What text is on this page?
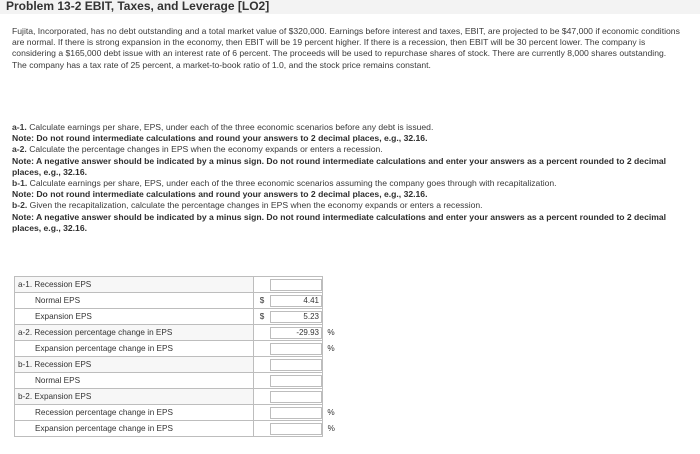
Problem 13-2 EBIT, Taxes, and Leverage [LO2]
Fujita, Incorporated, has no debt outstanding and a total market value of $320,000. Earnings before interest and taxes, EBIT, are projected to be $47,000 if economic conditions are normal. If there is strong expansion in the economy, then EBIT will be 19 percent higher. If there is a recession, then EBIT will be 30 percent lower. The company is considering a $165,000 debt issue with an interest rate of 6 percent. The proceeds will be used to repurchase shares of stock. There are currently 8,000 shares outstanding. The company has a tax rate of 25 percent, a market-to-book ratio of 1.0, and the stock price remains constant.

a-1. Calculate earnings per share, EPS, under each of the three economic scenarios before any debt is issued.

Note: Do not round intermediate calculations and round your answers to 2 decimal places, e.g., 32.16.

a-2. Calculate the percentage changes in EPS when the economy expands or enters a recession.

Note: A negative answer should be indicated by a minus sign. Do not round intermediate calculations and enter your answers as a percent rounded to 2 decimal places, e.g., 32.16.

b-1. Calculate earnings per share, EPS, under each of the three economic scenarios assuming the company goes through with recapitalization.

Note: Do not round intermediate calculations and round your answers to 2 decimal places, e.g., 32.16.

b-2. Given the recapitalization, calculate the percentage changes in EPS when the economy expands or enters a recession.

Note: A negative answer should be indicated by a minus sign. Do not round intermediate calculations and enter your answers as a percent rounded to 2 decimal places, e.g., 32.16.

a-1. Recession EPS		

Normal EPS	$	4.41	

Expansion EPS	$	5.23	

a-2. Recession percentage change in EPS		-29.93	%
Expansion percentage change in EPS			%
b-1. Recession EPS		

Normal EPS		

b-2. Expansion EPS		

Recession percentage change in EPS			%
Expansion percentage change in EPS			%
